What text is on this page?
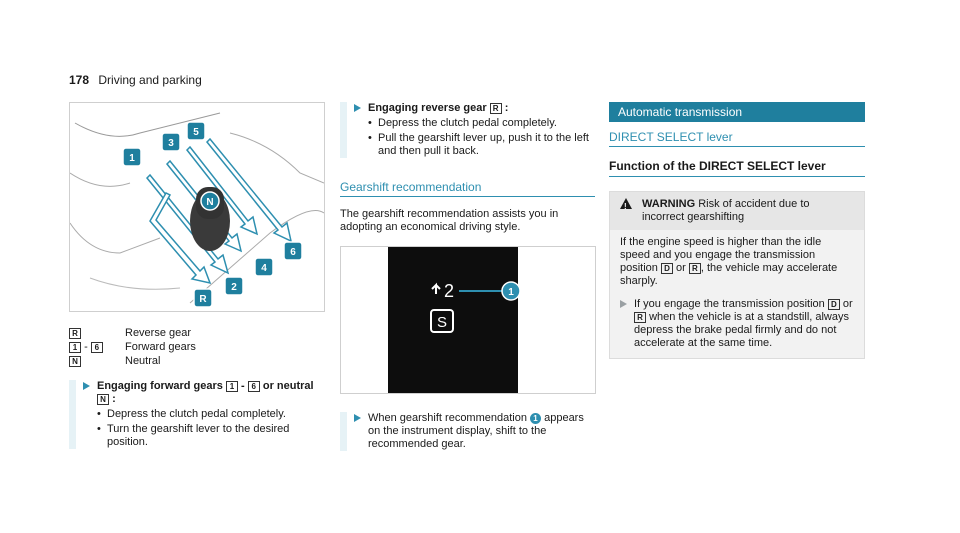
178 Driving and parking
N
1
3
5
6
4
2
R
R	Reverse gear
1 - 6	Forward gears
N	Neutral
Engaging forward gears 1 - 6 or neutral
N :
• Depress the clutch pedal completely.
• Turn the gearshift lever to the desired position.
Engaging reverse gear R :
• Depress the clutch pedal completely.
• Pull the gearshift lever up, push it to the left and then pull it back.
Gearshift recommendation
The gearshift recommendation assists you in adopting an economical driving style.
2	1
S
When gearshift recommendation 1 appears on the instrument display, shift to the recommended gear.
Automatic transmission
DIRECT SELECT lever
Function of the DIRECT SELECT lever
!
WARNING Risk of accident due to incorrect gearshifting
If the engine speed is higher than the idle speed and you engage the transmission position D or R , the vehicle may accelerate sharply.
If you engage the transmission position D or R when the vehicle is at a standstill, always depress the brake pedal firmly and do not accelerate at the same time.
